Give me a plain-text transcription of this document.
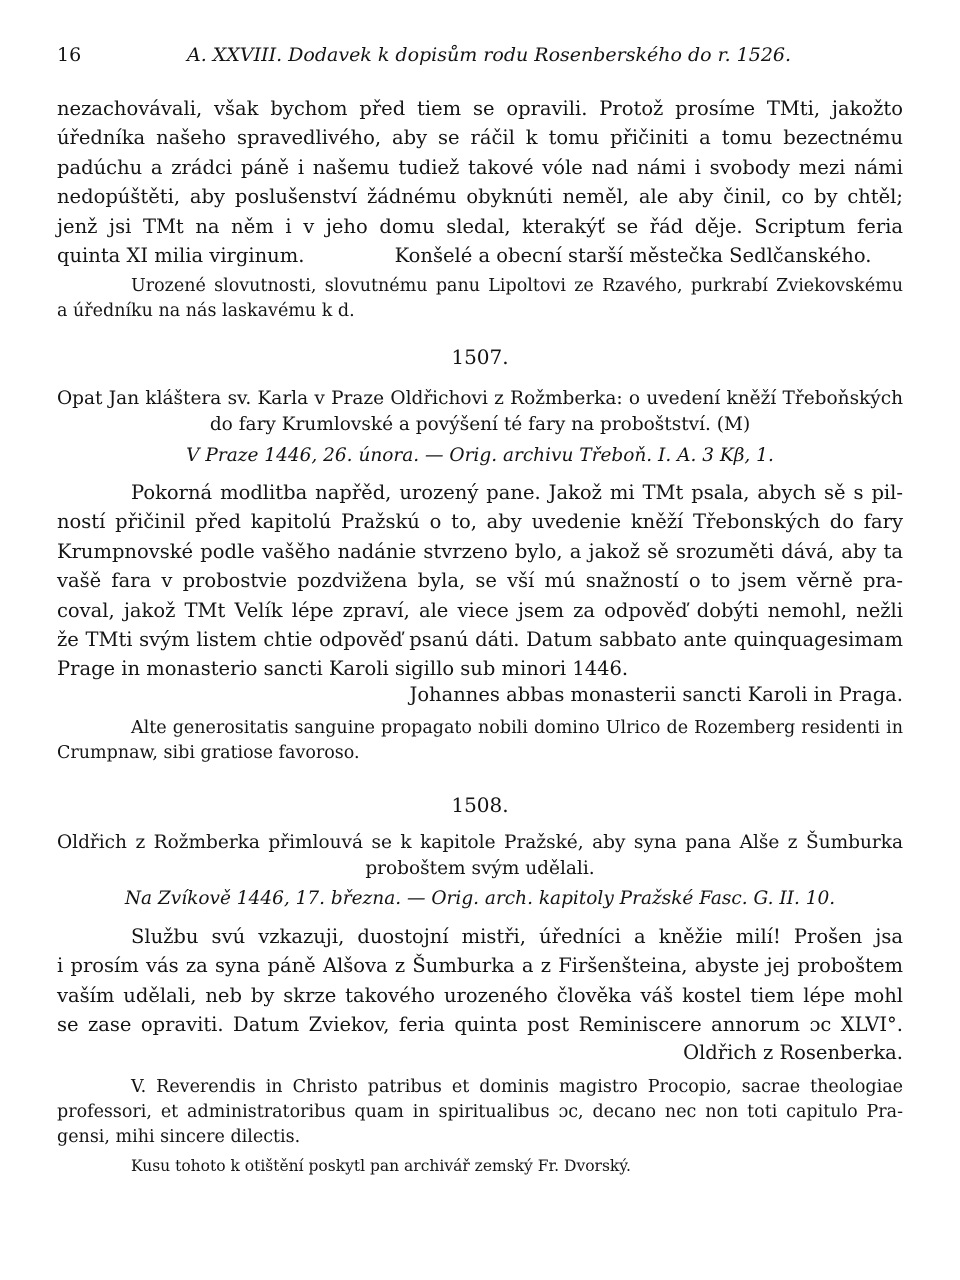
16	A. XXVIII. Dodavek k dopisům rodu Rosenberského do r. 1526.
nezachovávali, však bychom před tiem se opravili. Protož prosíme TMti, jakožto
úředníka našeho spravedlivého, aby se ráčil k tomu přičiniti a tomu bezectnému
padúchu a zrádci páně i našemu tudiež takové vóle nad námi i svobody mezi námi
nedopúštěti, aby poslušenství žádnému obyknúti neměl, ale aby činil, co by chtěl;
jenž jsi TMt na něm i v jeho domu sledal, kterakýť se řád děje. Scriptum feria
quinta XI milia virginum.	Konšelé a obecní starší městečka Sedlčanského.
Urozené slovutnosti, slovutnému panu Lipoltovi ze Rzavého, purkrabí Zviekovskému
a úředníku na nás laskavému k d.
1507.
Opat Jan kláštera sv. Karla v Praze Oldřichovi z Rožmberka: o uvedení kněží Třeboňských
do fary Krumlovské a povýšení té fary na proboštství. (M)
V Praze 1446, 26. února. — Orig. archivu Třeboň. I. A. 3 Kβ, 1.
Pokorná modlitba napřěd, urozený pane. Jakož mi TMt psala, abych sě s pil-
ností přičinil před kapitolú Pražskú o to, aby uvedenie kněží Třebonských do fary
Krumpnovské podle vašěho nadánie stvrzeno bylo, a jakož sě srozuměti dává, aby ta
vašě fara v probostvie pozdvižena byla, se vší mú snažností o to jsem věrně pra-
coval, jakož TMt Velík lépe zpraví, ale viece jsem za odpověď dobýti nemohl, nežli
že TMti svým listem chtie odpověď psanú dáti. Datum sabbato ante quinquagesimam
Prage in monasterio sancti Karoli sigillo sub minori 1446.
Johannes abbas monasterii sancti Karoli in Praga.
Alte generositatis sanguine propagato nobili domino Ulrico de Rozemberg residenti in
Crumpnaw, sibi gratiose favoroso.
1508.
Oldřich z Rožmberka přimlouvá se k kapitole Pražské, aby syna pana Alše z Šumburka
proboštem svým udělali.
Na Zvíkově 1446, 17. března. — Orig. arch. kapitoly Pražské Fasc. G. II. 10.
Službu svú vzkazuji, duostojní mistři, úředníci a kněžie milí! Prošen jsa
i prosím vás za syna páně Alšova z Šumburka a z Firšenšteina, abyste jej proboštem
vaším udělali, neb by skrze takového urozeného člověka váš kostel tiem lépe mohl
se zase opraviti. Datum Zviekov, feria quinta post Reminiscere annorum ɔc XLVI°.
Oldřich z Rosenberka.
V. Reverendis in Christo patribus et dominis magistro Procopio, sacrae theologiae
professori, et administratoribus quam in spiritualibus ɔc, decano nec non toti capitulo Pra-
gensi, mihi sincere dilectis.
Kusu tohoto k otištění poskytl pan archivář zemský Fr. Dvorský.
